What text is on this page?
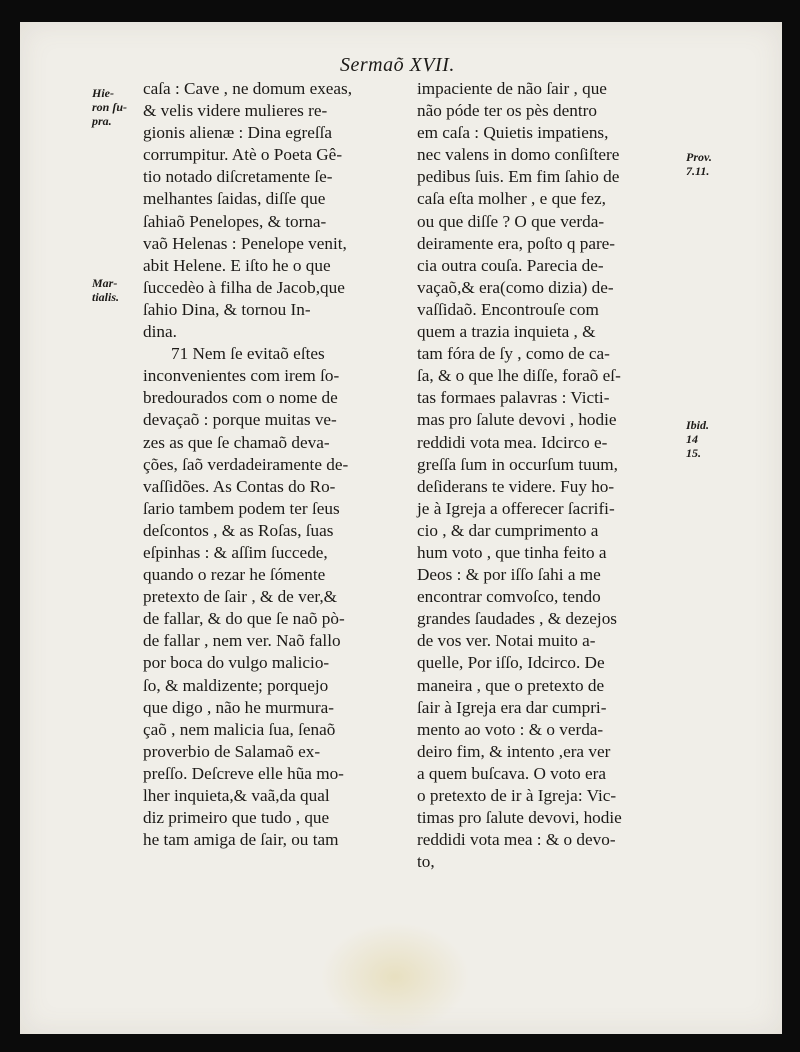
Sermaõ XVII.
Hie-
ron ſu-
pra.
Mar-
tialis.
Prov.
7.11.
Ibid.
14
15.
caſa : Cave , ne domum exeas,
& velis videre mulieres re-
gionis alienæ : Dina egreſſa
corrumpitur. Atè o Poeta Gê-
tio notado diſcretamente ſe-
melhantes ſaidas, diſſe que
ſahiaõ Penelopes, & torna-
vaõ Helenas : Penelope venit,
abit Helene. E iſto he o que
ſuccedèo à filha de Jacob,que
ſahio Dina, & tornou In-
dina.
71 Nem ſe evitaõ eſtes
inconvenientes com irem ſo-
bredourados com o nome de
devaçaõ : porque muitas ve-
zes as que ſe chamaõ deva-
ções, ſaõ verdadeiramente de-
vaſſidões. As Contas do Ro-
ſario tambem podem ter ſeus
deſcontos , & as Roſas, ſuas
eſpinhas : & aſſim ſuccede,
quando o rezar he ſómente
pretexto de ſair , & de ver,&
de fallar, & do que ſe naõ pò-
de fallar , nem ver. Naõ fallo
por boca do vulgo malicio-
ſo, & maldizente; porquejo
que digo , não he murmura-
çaõ , nem malicia ſua, ſenaõ
proverbio de Salamaõ ex-
preſſo. Deſcreve elle hũa mo-
lher inquieta,& vaã,da qual
diz primeiro que tudo , que
he tam amiga de ſair, ou tam
impaciente de não ſair , que
não póde ter os pès dentro
em caſa : Quietis impatiens,
nec valens in domo conſiſtere
pedibus ſuis. Em fim ſahio de
caſa eſta molher , e que fez,
ou que diſſe ? O que verda-
deiramente era, poſto q pare-
cia outra couſa. Parecia de-
vaçaõ,& era(como dizia) de-
vaſſidaõ. Encontrouſe com
quem a trazia inquieta , &
tam fóra de ſy , como de ca-
ſa, & o que lhe diſſe, foraõ eſ-
tas formaes palavras : Victi-
mas pro ſalute devovi , hodie
reddidi vota mea. Idcirco e-
greſſa ſum in occurſum tuum,
deſiderans te videre. Fuy ho-
je à Igreja a offerecer ſacrifi-
cio , & dar cumprimento a
hum voto , que tinha feito a
Deos : & por iſſo ſahi a me
encontrar comvoſco, tendo
grandes ſaudades , & dezejos
de vos ver. Notai muito a-
quelle, Por iſſo, Idcirco. De
maneira , que o pretexto de
ſair à Igreja era dar cumpri-
mento ao voto : & o verda-
deiro fim, & intento ,era ver
a quem buſcava. O voto era
o pretexto de ir à Igreja: Vic-
timas pro ſalute devovi, hodie
reddidi vota mea : & o devo-
to,
